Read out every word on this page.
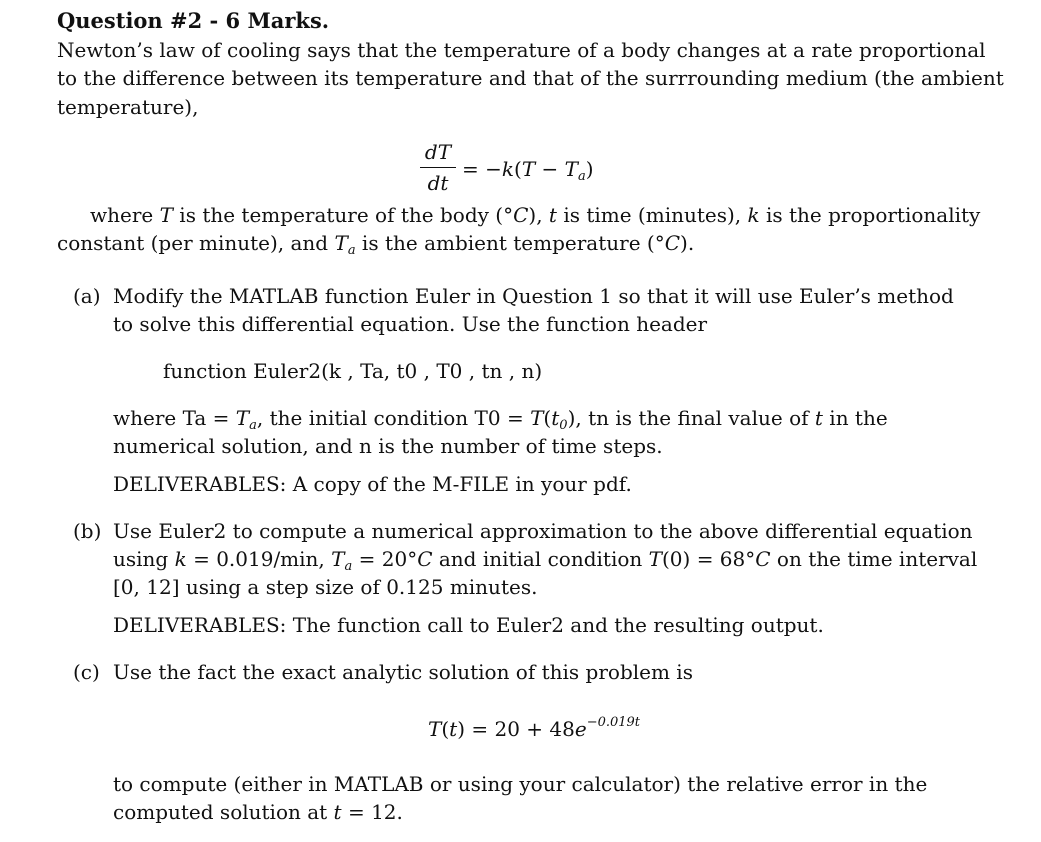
Question #2 - 6 Marks.
Newton’s law of cooling says that the temperature of a body changes at a rate proportional
to the difference between its temperature and that of the surrrounding medium (the ambient
temperature),
dT
dt
= $-k(T - T_a)$
where T is the temperature of the body (°C), t is time (minutes), k is the proportionality
constant (per minute), and $T_a$ is the ambient temperature (°C).
(a) Modify the MATLAB function Euler in Question 1 so that it will use Euler’s method
to solve this differential equation. Use the function header
function Euler2(k , Ta, t0 , T0 , tn , n)
where $Ta = T_a$, the initial condition $T0 = T(t_0)$, tn is the final value of t in the
numerical solution, and n is the number of time steps.
DELIVERABLES: A copy of the M-FILE in your pdf.
(b) Use Euler2 to compute a numerical approximation to the above differential equation
using k = 0.019/min, $T_a = 20^\circ C$ and initial condition T(0) = 68°C on the time interval
[0, 12] using a step size of 0.125 minutes.
DELIVERABLES: The function call to Euler2 and the resulting output.
(c) Use the fact the exact analytic solution of this problem is
$T(t) = 20 + 48e^{-0.019t}$
to compute (either in MATLAB or using your calculator) the relative error in the
computed solution at t = 12.
